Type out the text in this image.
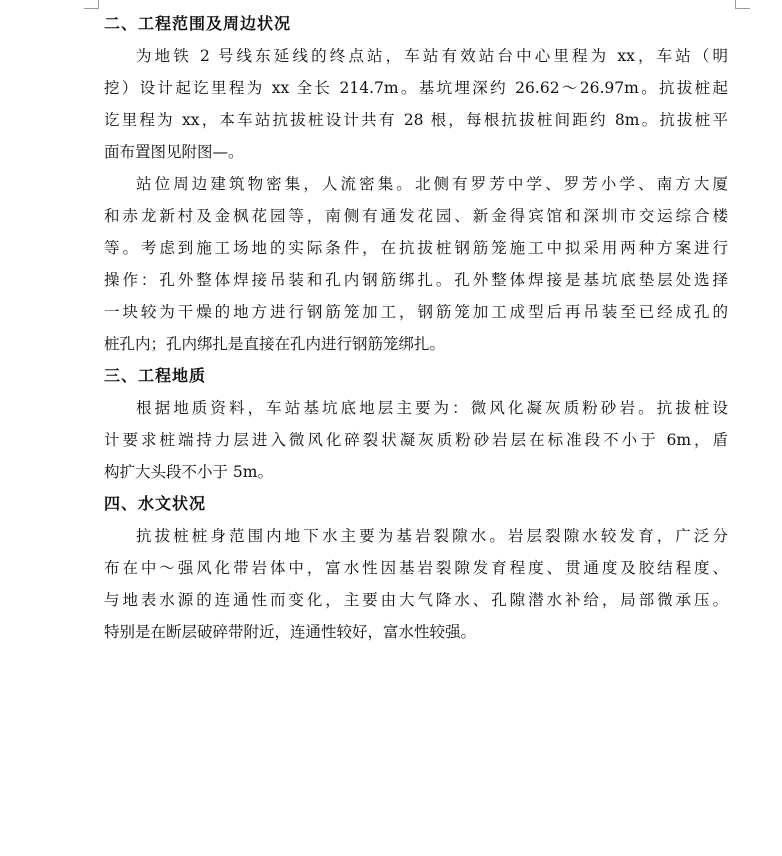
二、工程范围及周边状况
为地铁 2 号线东延线的终点站，车站有效站台中心里程为 xx，车站（明
挖）设计起讫里程为 xx 全长 214.7m。基坑埋深约 26.62～26.97m。抗拔桩起
讫里程为 xx，本车站抗拔桩设计共有 28 根，每根抗拔桩间距约 8m。抗拔桩平
面布置图见附图—。
站位周边建筑物密集，人流密集。北侧有罗芳中学、罗芳小学、南方大厦
和赤龙新村及金枫花园等，南侧有通发花园、新金得宾馆和深圳市交运综合楼
等。考虑到施工场地的实际条件，在抗拔桩钢筋笼施工中拟采用两种方案进行
操作：孔外整体焊接吊装和孔内钢筋绑扎。孔外整体焊接是基坑底垫层处选择
一块较为干燥的地方进行钢筋笼加工，钢筋笼加工成型后再吊装至已经成孔的
桩孔内；孔内绑扎是直接在孔内进行钢筋笼绑扎。
三、工程地质
根据地质资料，车站基坑底地层主要为：微风化凝灰质粉砂岩。抗拔桩设
计要求桩端持力层进入微风化碎裂状凝灰质粉砂岩层在标准段不小于 6m，盾
构扩大头段不小于 5m。
四、水文状况
抗拔桩桩身范围内地下水主要为基岩裂隙水。岩层裂隙水较发育，广泛分
布在中～强风化带岩体中，富水性因基岩裂隙发育程度、贯通度及胶结程度、
与地表水源的连通性而变化，主要由大气降水、孔隙潜水补给，局部微承压。
特别是在断层破碎带附近，连通性较好，富水性较强。
